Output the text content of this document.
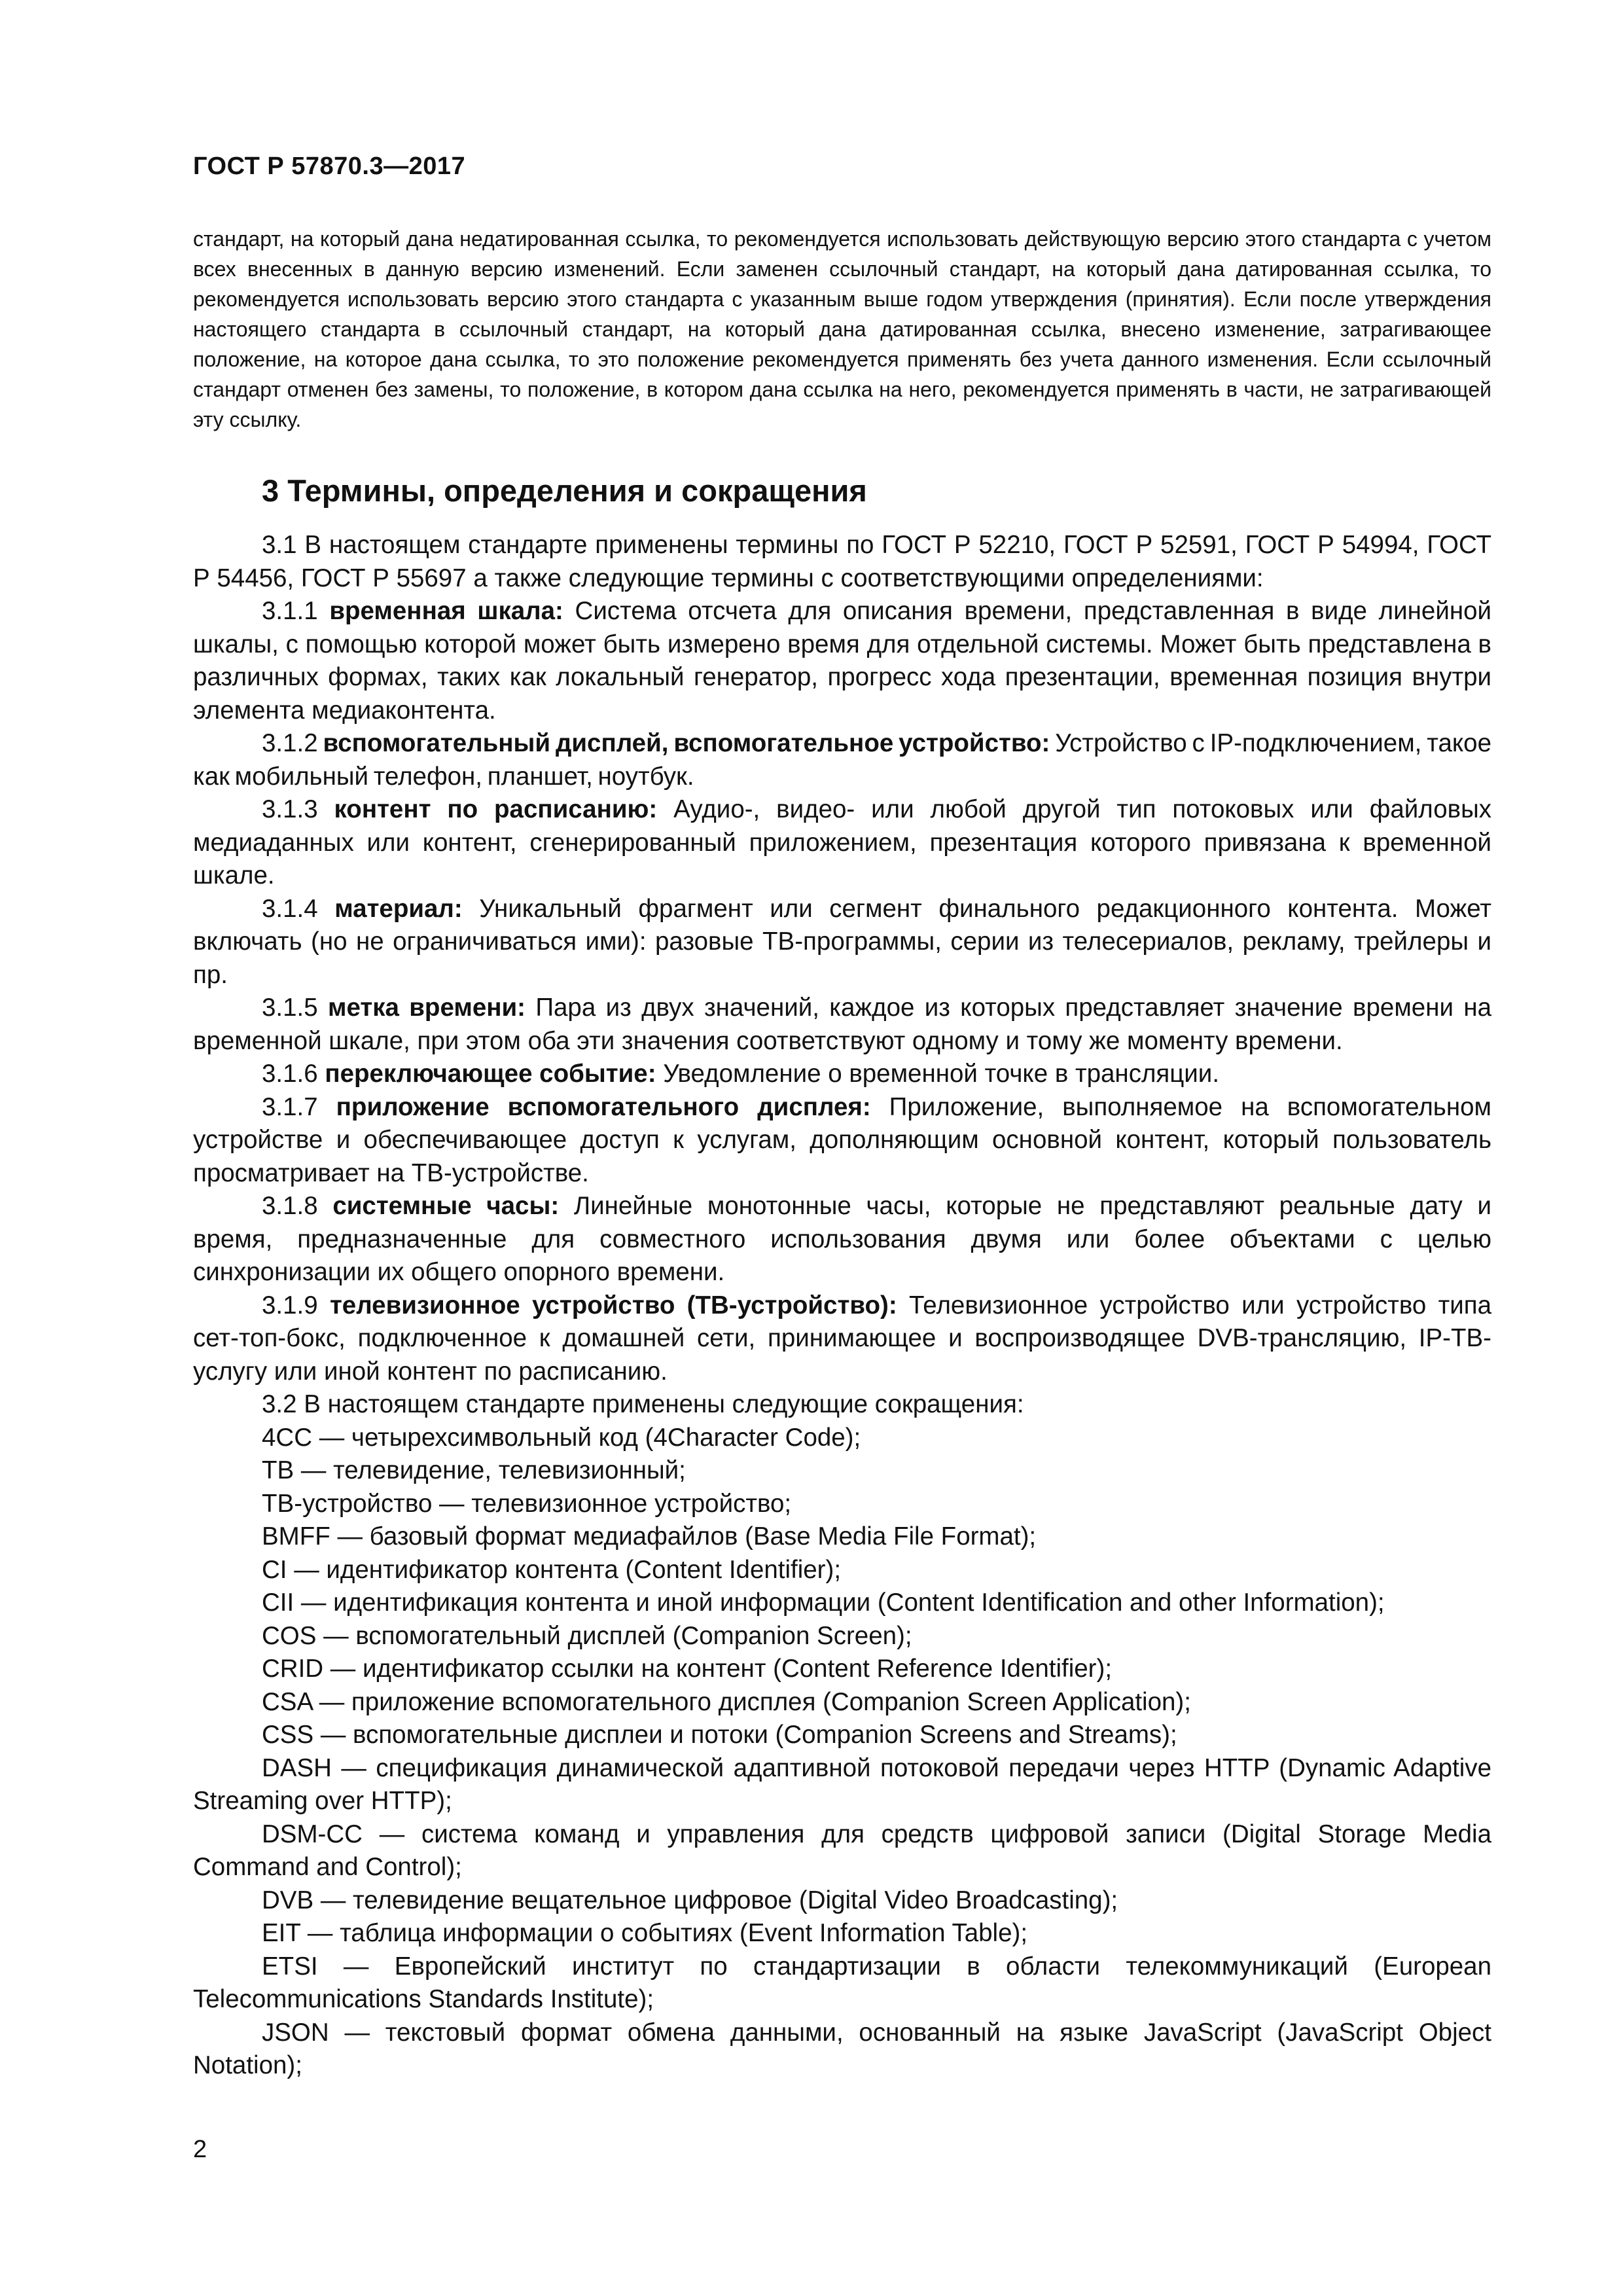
ГОСТ Р 57870.3—2017

стандарт, на который дана недатированная ссылка, то рекомендуется использовать действующую версию этого стандарта с учетом всех внесенных в данную версию изменений. Если заменен ссылочный стандарт, на который дана датированная ссылка, то рекомендуется использовать версию этого стандарта с указанным выше годом утверждения (принятия). Если после утверждения настоящего стандарта в ссылочный стандарт, на который дана датированная ссылка, внесено изменение, затрагивающее положение, на которое дана ссылка, то это положение рекомендуется применять без учета данного изменения. Если ссылочный стандарт отменен без замены, то положение, в котором дана ссылка на него, рекомендуется применять в части, не затрагивающей эту ссылку.

3 Термины, определения и сокращения

3.1 В настоящем стандарте применены термины по ГОСТ Р 52210, ГОСТ Р 52591, ГОСТ Р 54994, ГОСТ Р 54456, ГОСТ Р 55697 а также следующие термины с соответствующими определениями:

3.1.1 временная шкала: Система отсчета для описания времени, представленная в виде линейной шкалы, с помощью которой может быть измерено время для отдельной системы. Может быть представлена в различных формах, таких как локальный генератор, прогресс хода презентации, временная позиция внутри элемента медиаконтента.

3.1.2 вспомогательный дисплей, вспомогательное устройство: Устройство с IP-подключением, такое как мобильный телефон, планшет, ноутбук.

3.1.3 контент по расписанию: Аудио-, видео- или любой другой тип потоковых или файловых медиаданных или контент, сгенерированный приложением, презентация которого привязана к временной шкале.

3.1.4 материал: Уникальный фрагмент или сегмент финального редакционного контента. Может включать (но не ограничиваться ими): разовые ТВ-программы, серии из телесериалов, рекламу, трейлеры и пр.

3.1.5 метка времени: Пара из двух значений, каждое из которых представляет значение времени на временной шкале, при этом оба эти значения соответствуют одному и тому же моменту времени.

3.1.6 переключающее событие: Уведомление о временной точке в трансляции.

3.1.7 приложение вспомогательного дисплея: Приложение, выполняемое на вспомогательном устройстве и обеспечивающее доступ к услугам, дополняющим основной контент, который пользователь просматривает на ТВ-устройстве.

3.1.8 системные часы: Линейные монотонные часы, которые не представляют реальные дату и время, предназначенные для совместного использования двумя или более объектами с целью синхронизации их общего опорного времени.

3.1.9 телевизионное устройство (ТВ-устройство): Телевизионное устройство или устройство типа сет-топ-бокс, подключенное к домашней сети, принимающее и воспроизводящее DVB-трансляцию, IP-ТВ-услугу или иной контент по расписанию.

3.2 В настоящем стандарте применены следующие сокращения:

4CC — четырехсимвольный код (4Character Code);
ТВ — телевидение, телевизионный;
ТВ-устройство — телевизионное устройство;
BMFF — базовый формат медиафайлов (Base Media File Format);
CI — идентификатор контента (Content Identifier);
CII — идентификация контента и иной информации (Content Identification and other Information);
COS — вспомогательный дисплей (Companion Screen);
CRID — идентификатор ссылки на контент (Content Reference Identifier);
CSA — приложение вспомогательного дисплея (Companion Screen Application);
CSS — вспомогательные дисплеи и потоки (Companion Screens and Streams);
DASH — спецификация динамической адаптивной потоковой передачи через HTTP (Dynamic Adaptive Streaming over HTTP);
DSM-CC — система команд и управления для средств цифровой записи (Digital Storage Media Command and Control);
DVB — телевидение вещательное цифровое (Digital Video Broadcasting);
EIT — таблица информации о событиях (Event Information Table);
ETSI — Европейский институт по стандартизации в области телекоммуникаций (European Telecommunications Standards Institute);
JSON — текстовый формат обмена данными, основанный на языке JavaScript (JavaScript Object Notation);
2
